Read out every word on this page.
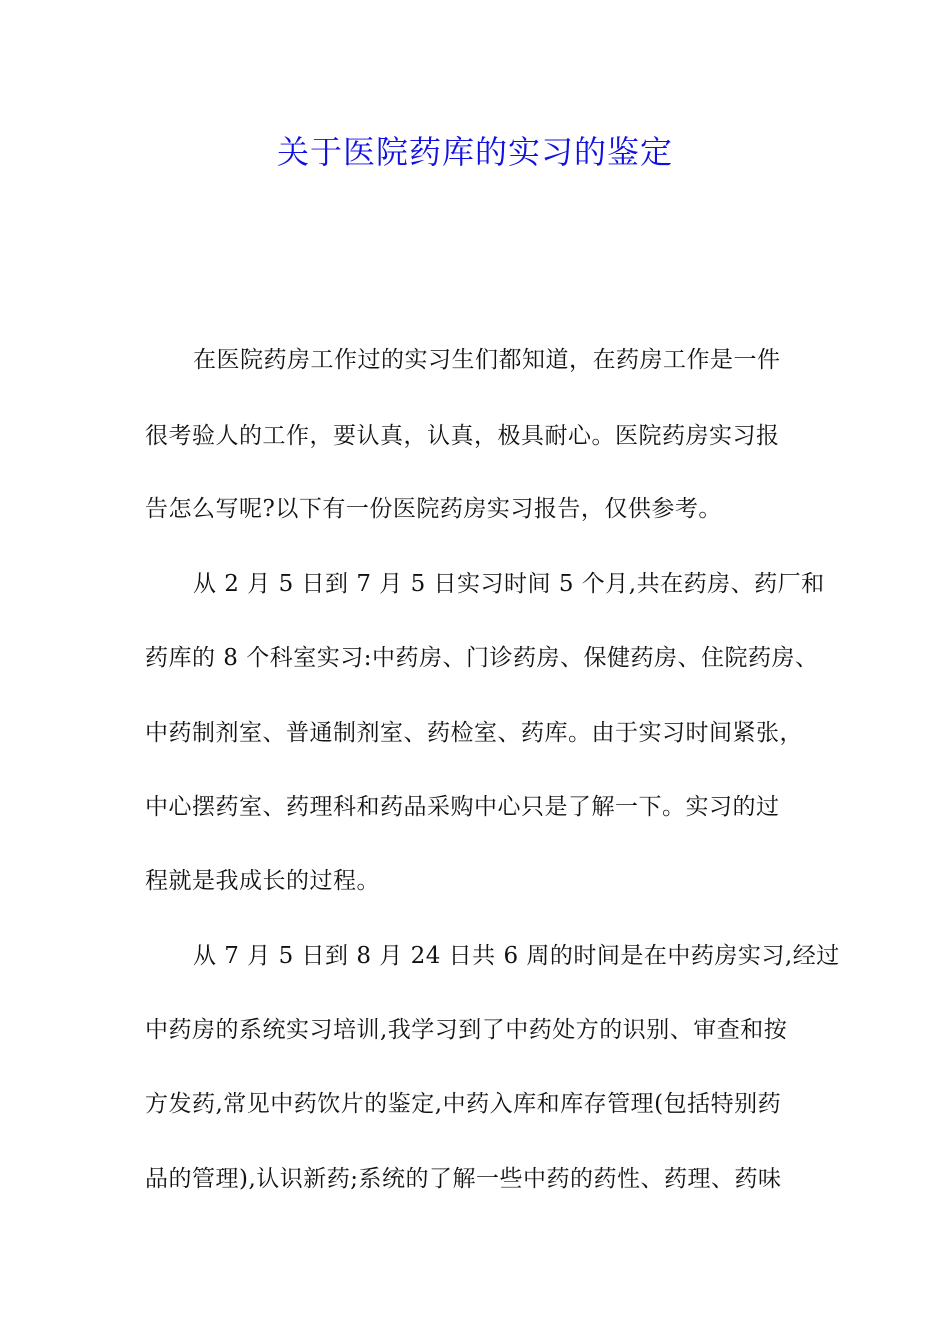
关于医院药库的实习的鉴定
在医院药房工作过的实习生们都知道，在药房工作是一件
很考验人的工作，要认真，认真，极具耐心。医院药房实习报
告怎么写呢?以下有一份医院药房实习报告，仅供参考。
从 2 月 5 日到 7 月 5 日实习时间 5 个月,共在药房、药厂和
药库的 8 个科室实习:中药房、门诊药房、保健药房、住院药房、
中药制剂室、普通制剂室、药检室、药库。由于实习时间紧张，
中心摆药室、药理科和药品采购中心只是了解一下。实习的过
程就是我成长的过程。
从 7 月 5 日到 8 月 24 日共 6 周的时间是在中药房实习,经过
中药房的系统实习培训,我学习到了中药处方的识别、审查和按
方发药,常见中药饮片的鉴定,中药入库和库存管理(包括特别药
品的管理),认识新药;系统的了解一些中药的药性、药理、药味
